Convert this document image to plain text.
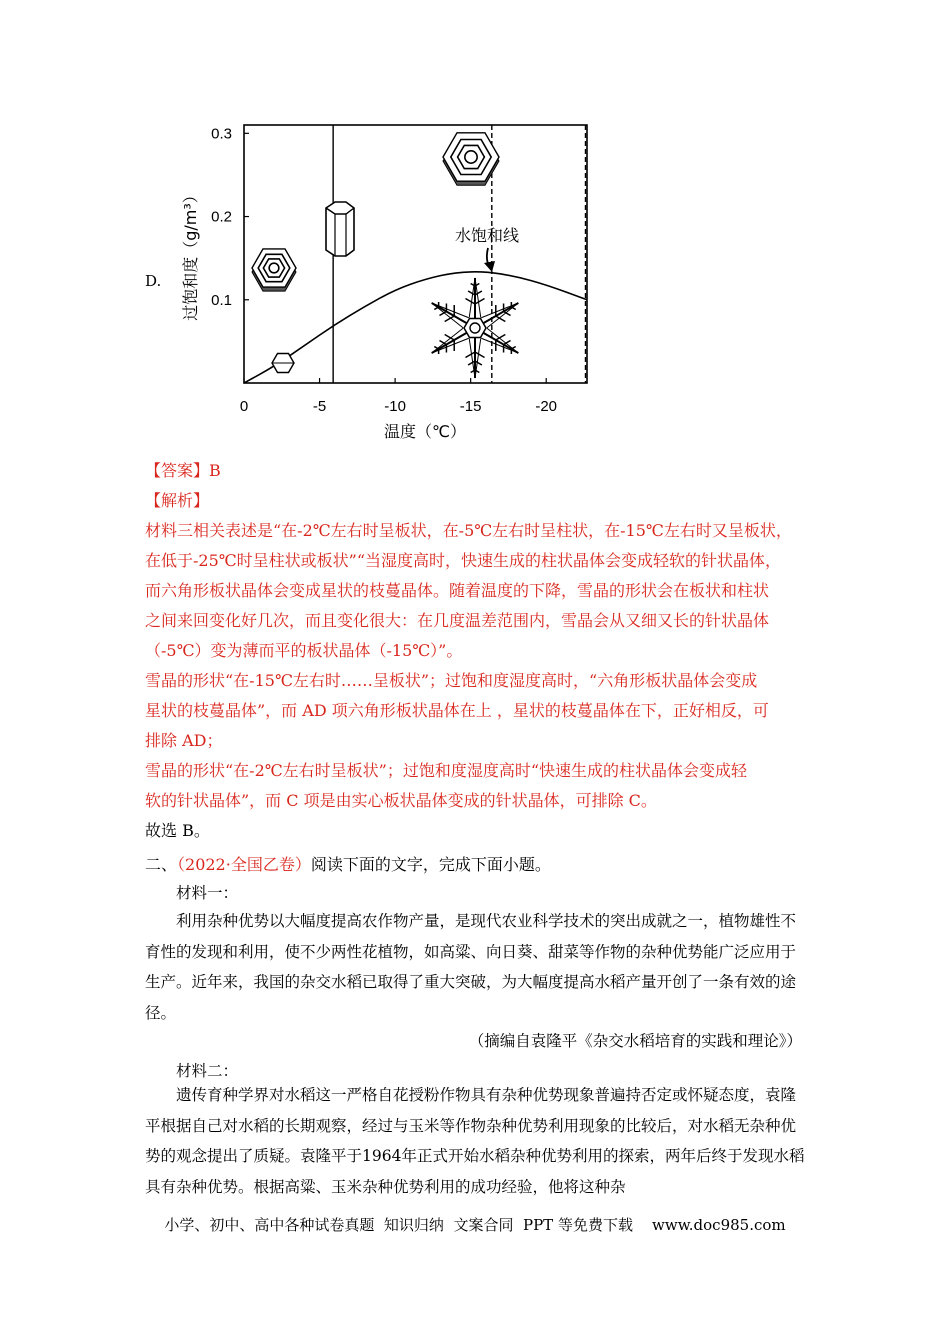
D.
0.1
0.2
0.3
0	-5	-10	-15	-20
水饱和线
过饱和度（g/m³）
温度（℃）
【答案】B
【解析】
材料三相关表述是“在-2℃左右时呈板状，在-5℃左右时呈柱状，在-15℃左右时又呈板状，
在低于-25℃时呈柱状或板状”“当湿度高时，快速生成的柱状晶体会变成轻软的针状晶体，
而六角形板状晶体会变成星状的枝蔓晶体。随着温度的下降，雪晶的形状会在板状和柱状
之间来回变化好几次，而且变化很大：在几度温差范围内，雪晶会从又细又长的针状晶体
（-5℃）变为薄而平的板状晶体（-15℃）”。
雪晶的形状“在-15℃左右时……呈板状”；过饱和度湿度高时，“六角形板状晶体会变成
星状的枝蔓晶体”，而 AD 项六角形板状晶体在上 ，星状的枝蔓晶体在下，正好相反，可
排除 AD；
雪晶的形状“在-2℃左右时呈板状”；过饱和度湿度高时“快速生成的柱状晶体会变成轻
软的针状晶体”，而 C 项是由实心板状晶体变成的针状晶体，可排除 C。
故选 B。
二、（2022·全国乙卷）阅读下面的文字，完成下面小题。
材料一：
利用杂种优势以大幅度提高农作物产量，是现代农业科学技术的突出成就之一，植物雄性不育性的发现和利用，使不少两性花植物，如高粱、向日葵、甜菜等作物的杂种优势能广泛应用于生产。近年来，我国的杂交水稻已取得了重大突破，为大幅度提高水稻产量开创了一条有效的途径。
（摘编自袁隆平《杂交水稻培育的实践和理论》）
材料二：
遗传育种学界对水稻这一严格自花授粉作物具有杂种优势现象普遍持否定或怀疑态度，袁隆平根据自己对水稻的长期观察，经过与玉米等作物杂种优势利用现象的比较后，对水稻无杂种优势的观念提出了质疑。袁隆平于1964年正式开始水稻杂种优势利用的探索，两年后终于发现水稻具有杂种优势。根据高粱、玉米杂种优势利用的成功经验，他将这种杂
小学、初中、高中各种试卷真题  知识归纳  文案合同  PPT 等免费下载 www.doc985.com
